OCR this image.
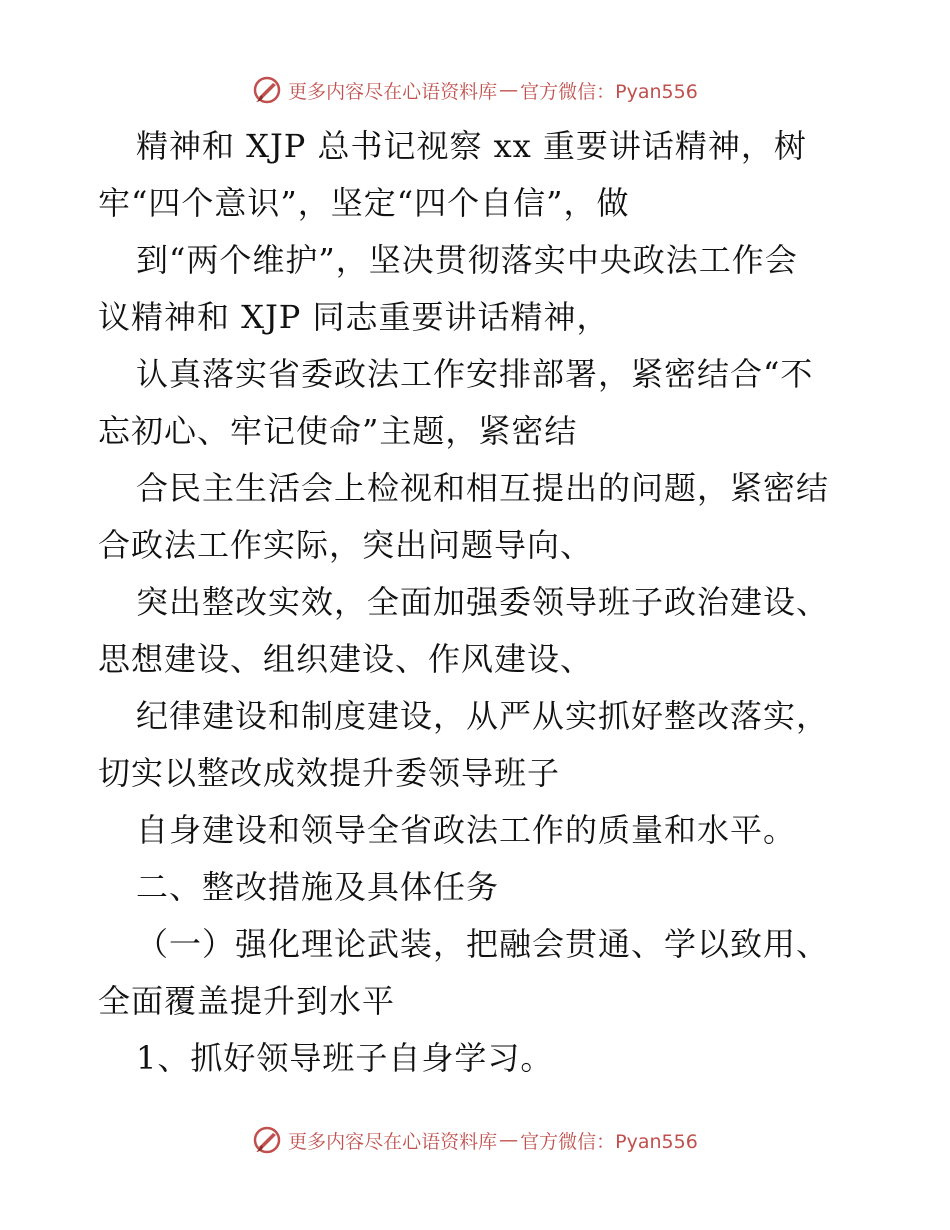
更多内容尽在心语资料库 — 官方微信：Pyan556
精神和 XJP 总书记视察 xx 重要讲话精神，树
牢“四个意识”，坚定“四个自信”，做
到“两个维护”，坚决贯彻落实中央政法工作会
议精神和 XJP 同志重要讲话精神，
认真落实省委政法工作安排部署，紧密结合“不
忘初心、牢记使命”主题，紧密结
合民主生活会上检视和相互提出的问题，紧密结
合政法工作实际，突出问题导向、
突出整改实效，全面加强委领导班子政治建设、
思想建设、组织建设、作风建设、
纪律建设和制度建设，从严从实抓好整改落实，
切实以整改成效提升委领导班子
自身建设和领导全省政法工作的质量和水平。
二、整改措施及具体任务
（一）强化理论武装，把融会贯通、学以致用、
全面覆盖提升到水平
1、抓好领导班子自身学习。
更多内容尽在心语资料库 — 官方微信：Pyan556
